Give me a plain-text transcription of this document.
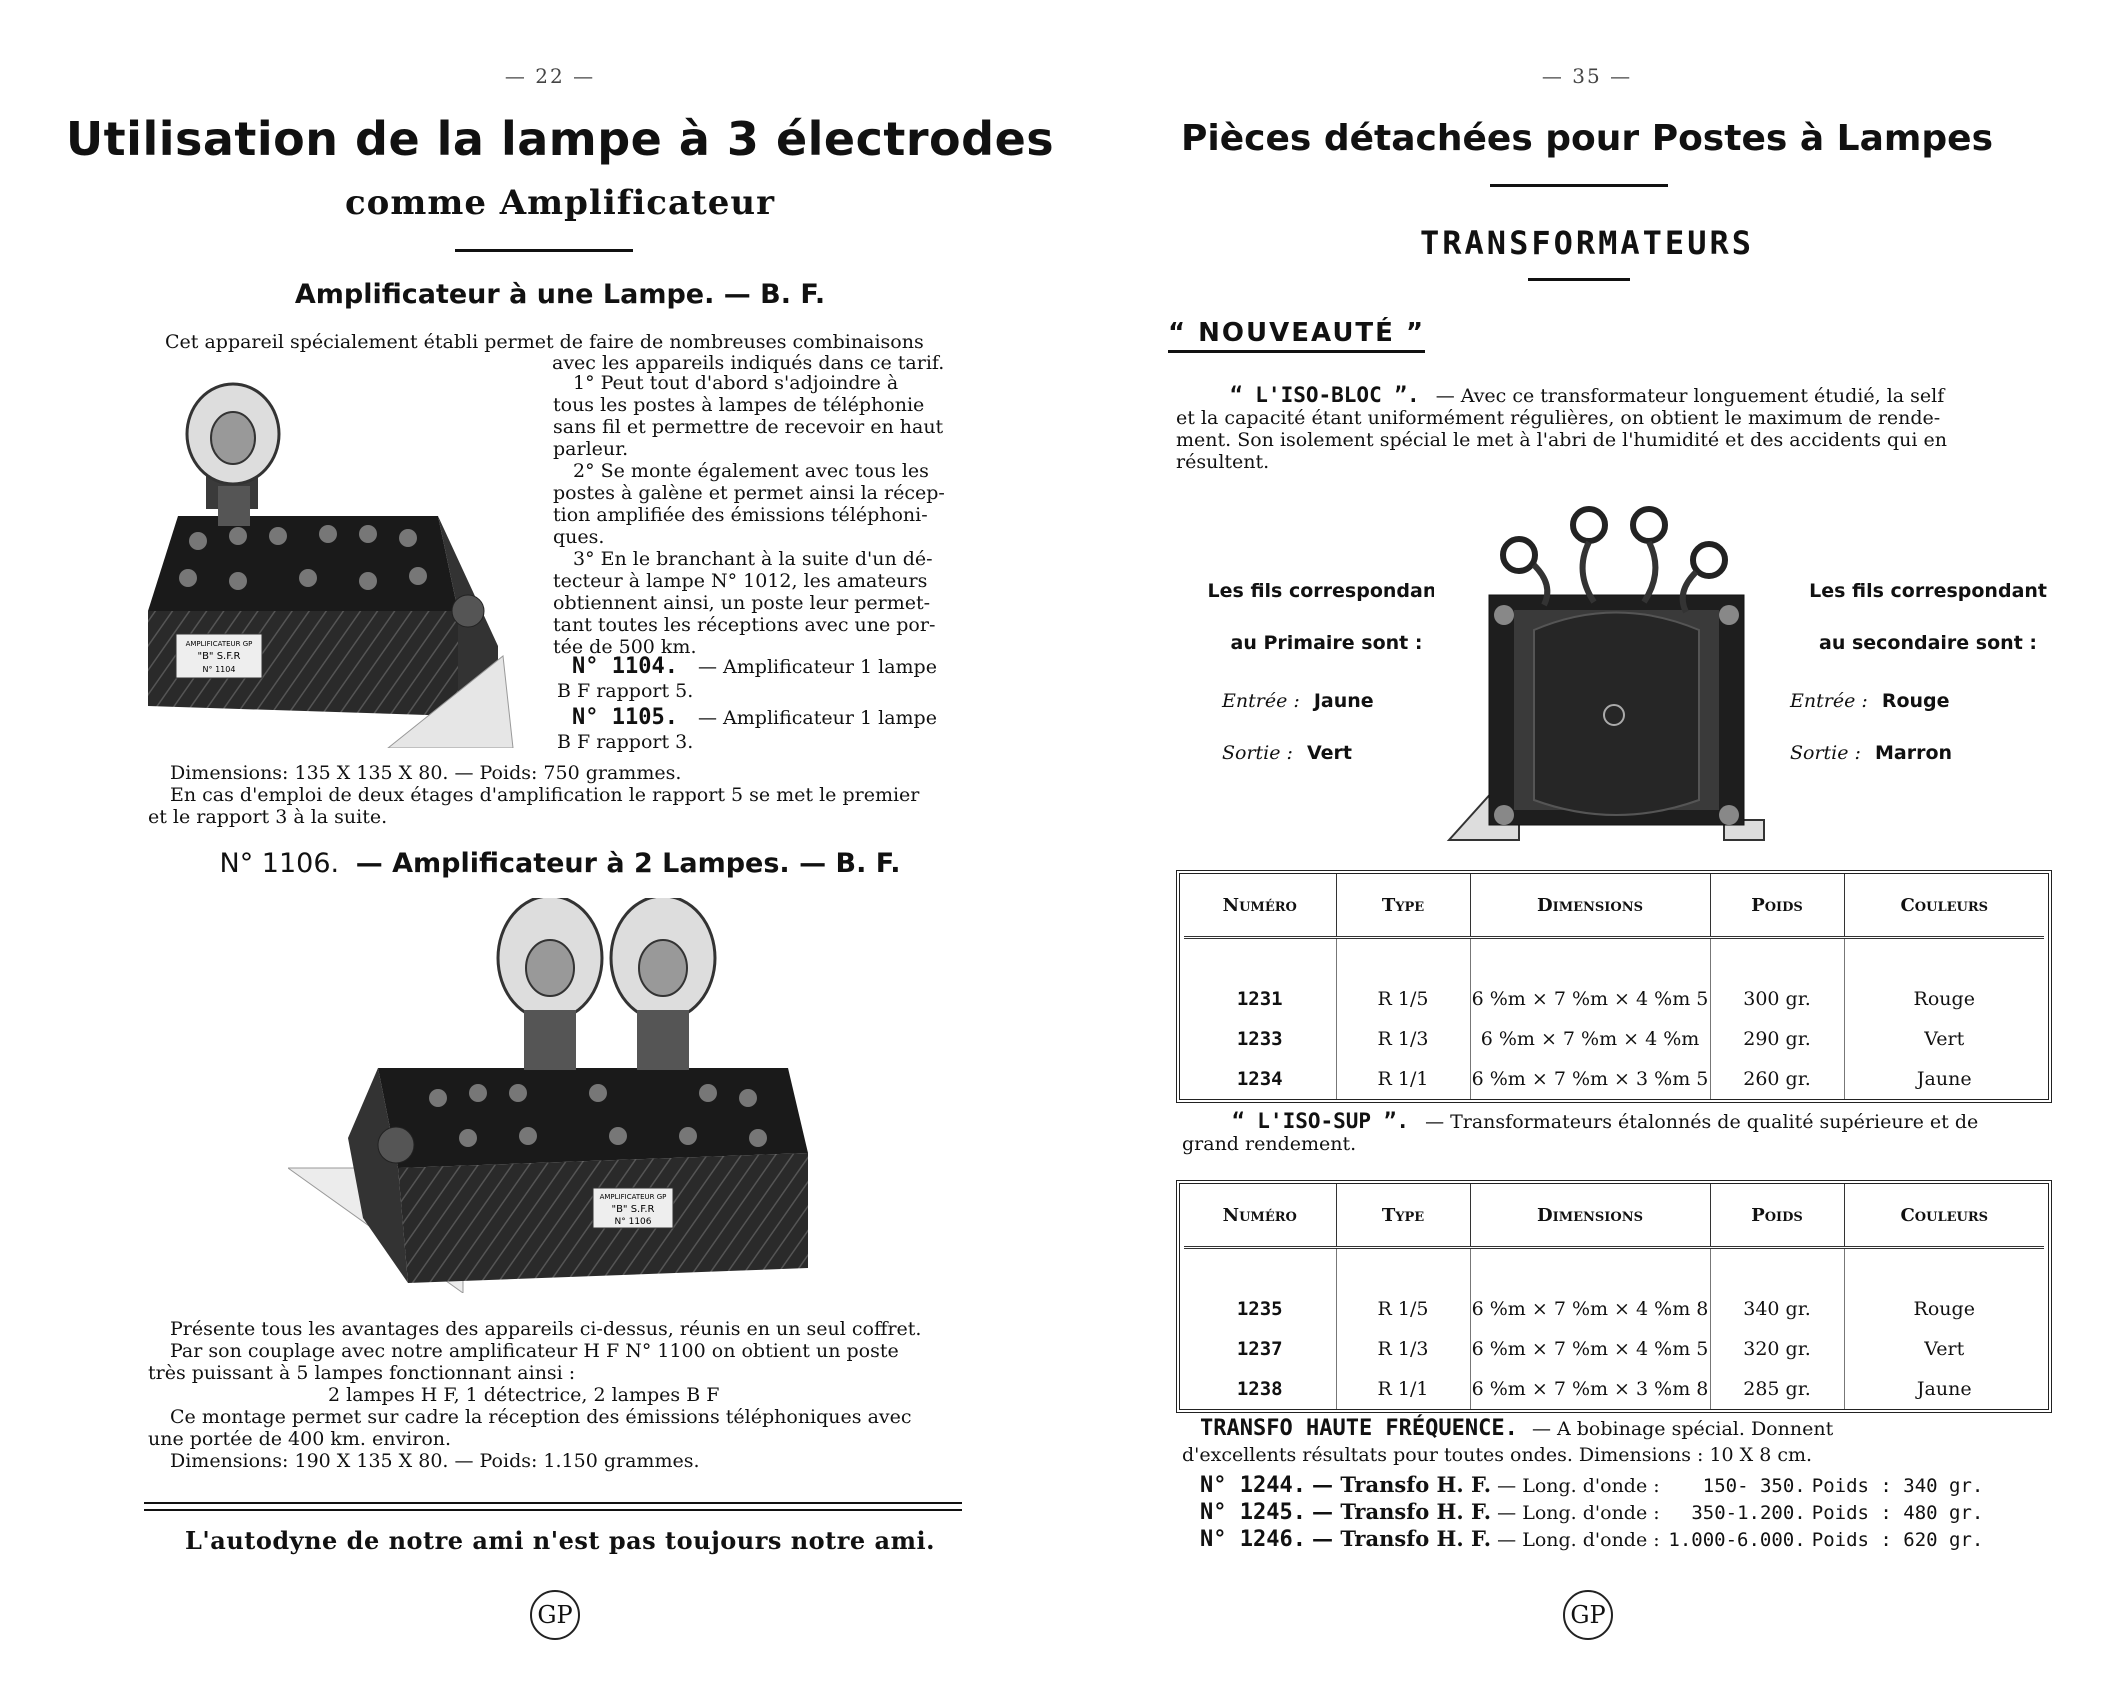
— 22 —
Utilisation de la lampe à 3 électrodes
comme Amplificateur
Amplificateur à une Lampe. — B. F.
Cet appareil spécialement établi permet de faire de nombreuses combinaisons
avec les appareils indiqués dans ce tarif.
AMPLIFICATEUR GP
"B" S.F.R
N° 1104
1° Peut tout d'abord s'adjoindre à
tous les postes à lampes de téléphonie
sans fil et permettre de recevoir en haut
parleur.
2° Se monte également avec tous les
postes à galène et permet ainsi la récep-
tion amplifiée des émissions téléphoni-
ques.
3° En le branchant à la suite d'un dé-
tecteur à lampe N° 1012, les amateurs
obtiennent ainsi, un poste leur permet-
tant toutes les réceptions avec une por-
tée de 500 km.
N° 1104. — Amplificateur 1 lampe
B F rapport 5.
N° 1105. — Amplificateur 1 lampe
B F rapport 3.
Dimensions: 135 X 135 X 80. — Poids: 750 grammes.
En cas d'emploi de deux étages d'amplification le rapport 5 se met le premier
et le rapport 3 à la suite.
N° 1106. — Amplificateur à 2 Lampes. — B. F.
AMPLIFICATEUR GP
"B" S.F.R
N° 1106
Présente tous les avantages des appareils ci-dessus, réunis en un seul coffret.
Par son couplage avec notre amplificateur H F N° 1100 on obtient un poste
très puissant à 5 lampes fonctionnant ainsi :
2 lampes H F, 1 détectrice, 2 lampes B F
Ce montage permet sur cadre la réception des émissions téléphoniques avec
une portée de 400 km. environ.
Dimensions: 190 X 135 X 80. — Poids: 1.150 grammes.
L'autodyne de notre ami n'est pas toujours notre ami.
GP
— 35 —
Pièces détachées pour Postes à Lampes
TRANSFORMATEURS
“ NOUVEAUTÉ ”
“ L'ISO-BLOC ”. — Avec ce transformateur longuement étudié, la self
et la capacité étant uniformément régulières, on obtient le maximum de rende-
ment. Son isolement spécial le met à l'abri de l'humidité et des accidents qui en
résultent.
Les fils correspondant
au Primaire sont :
Entrée : Jaune
Sortie : Vert
Les fils correspondant
au secondaire sont :
Entrée : Rouge
Sortie : Marron
Numéro	Type	Dimensions	Poids	Couleurs

1231	R 1/5	6 %m × 7 %m × 4 %m 5	300 gr.	Rouge
1233	R 1/3	6 %m × 7 %m × 4 %m	290 gr.	Vert
1234	R 1/1	6 %m × 7 %m × 3 %m 5	260 gr.	Jaune
“ L'ISO-SUP ”. — Transformateurs étalonnés de qualité supérieure et de
grand rendement.
Numéro	Type	Dimensions	Poids	Couleurs

1235	R 1/5	6 %m × 7 %m × 4 %m 8	340 gr.	Rouge
1237	R 1/3	6 %m × 7 %m × 4 %m 5	320 gr.	Vert
1238	R 1/1	6 %m × 7 %m × 3 %m 8	285 gr.	Jaune
TRANSFO HAUTE FRÉQUENCE. — A bobinage spécial. Donnent
d'excellents résultats pour toutes ondes. Dimensions : 10 X 8 cm.
N° 1244. — Transfo H. F. — Long. d'onde : 150- 350. Poids : 340 gr.
N° 1245. — Transfo H. F. — Long. d'onde : 350-1.200. Poids : 480 gr.
N° 1246. — Transfo H. F. — Long. d'onde : 1.000-6.000. Poids : 620 gr.
GP
